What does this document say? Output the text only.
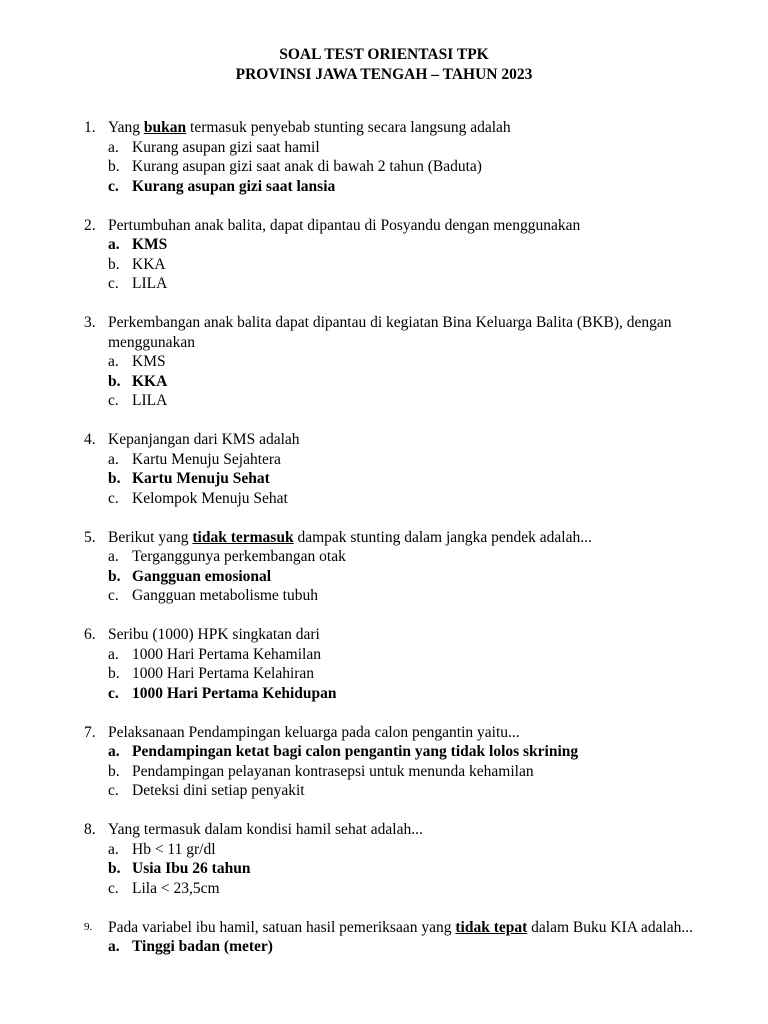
SOAL TEST ORIENTASI TPK
PROVINSI JAWA TENGAH – TAHUN 2023
1. Yang bukan termasuk penyebab stunting secara langsung adalah
a. Kurang asupan gizi saat hamil
b. Kurang asupan gizi saat anak di bawah 2 tahun (Baduta)
c. Kurang asupan gizi saat lansia
2. Pertumbuhan anak balita, dapat dipantau di Posyandu dengan menggunakan
a. KMS
b. KKA
c. LILA
3. Perkembangan anak balita dapat dipantau di kegiatan Bina Keluarga Balita (BKB), dengan menggunakan
a. KMS
b. KKA
c. LILA
4. Kepanjangan dari KMS adalah
a. Kartu Menuju Sejahtera
b. Kartu Menuju Sehat
c. Kelompok Menuju Sehat
5. Berikut yang tidak termasuk dampak stunting dalam jangka pendek adalah...
a. Terganggunya perkembangan otak
b. Gangguan emosional
c. Gangguan metabolisme tubuh
6. Seribu (1000) HPK singkatan dari
a. 1000 Hari Pertama Kehamilan
b. 1000 Hari Pertama Kelahiran
c. 1000 Hari Pertama Kehidupan
7. Pelaksanaan Pendampingan keluarga pada calon pengantin yaitu...
a. Pendampingan ketat bagi calon pengantin yang tidak lolos skrining
b. Pendampingan pelayanan kontrasepsi untuk menunda kehamilan
c. Deteksi dini setiap penyakit
8. Yang termasuk dalam kondisi hamil sehat adalah...
a. Hb < 11 gr/dl
b. Usia Ibu 26 tahun
c. Lila < 23,5cm
9.	Pada variabel ibu hamil, satuan hasil pemeriksaan yang tidak tepat dalam Buku KIA adalah...
a. Tinggi badan (meter)
